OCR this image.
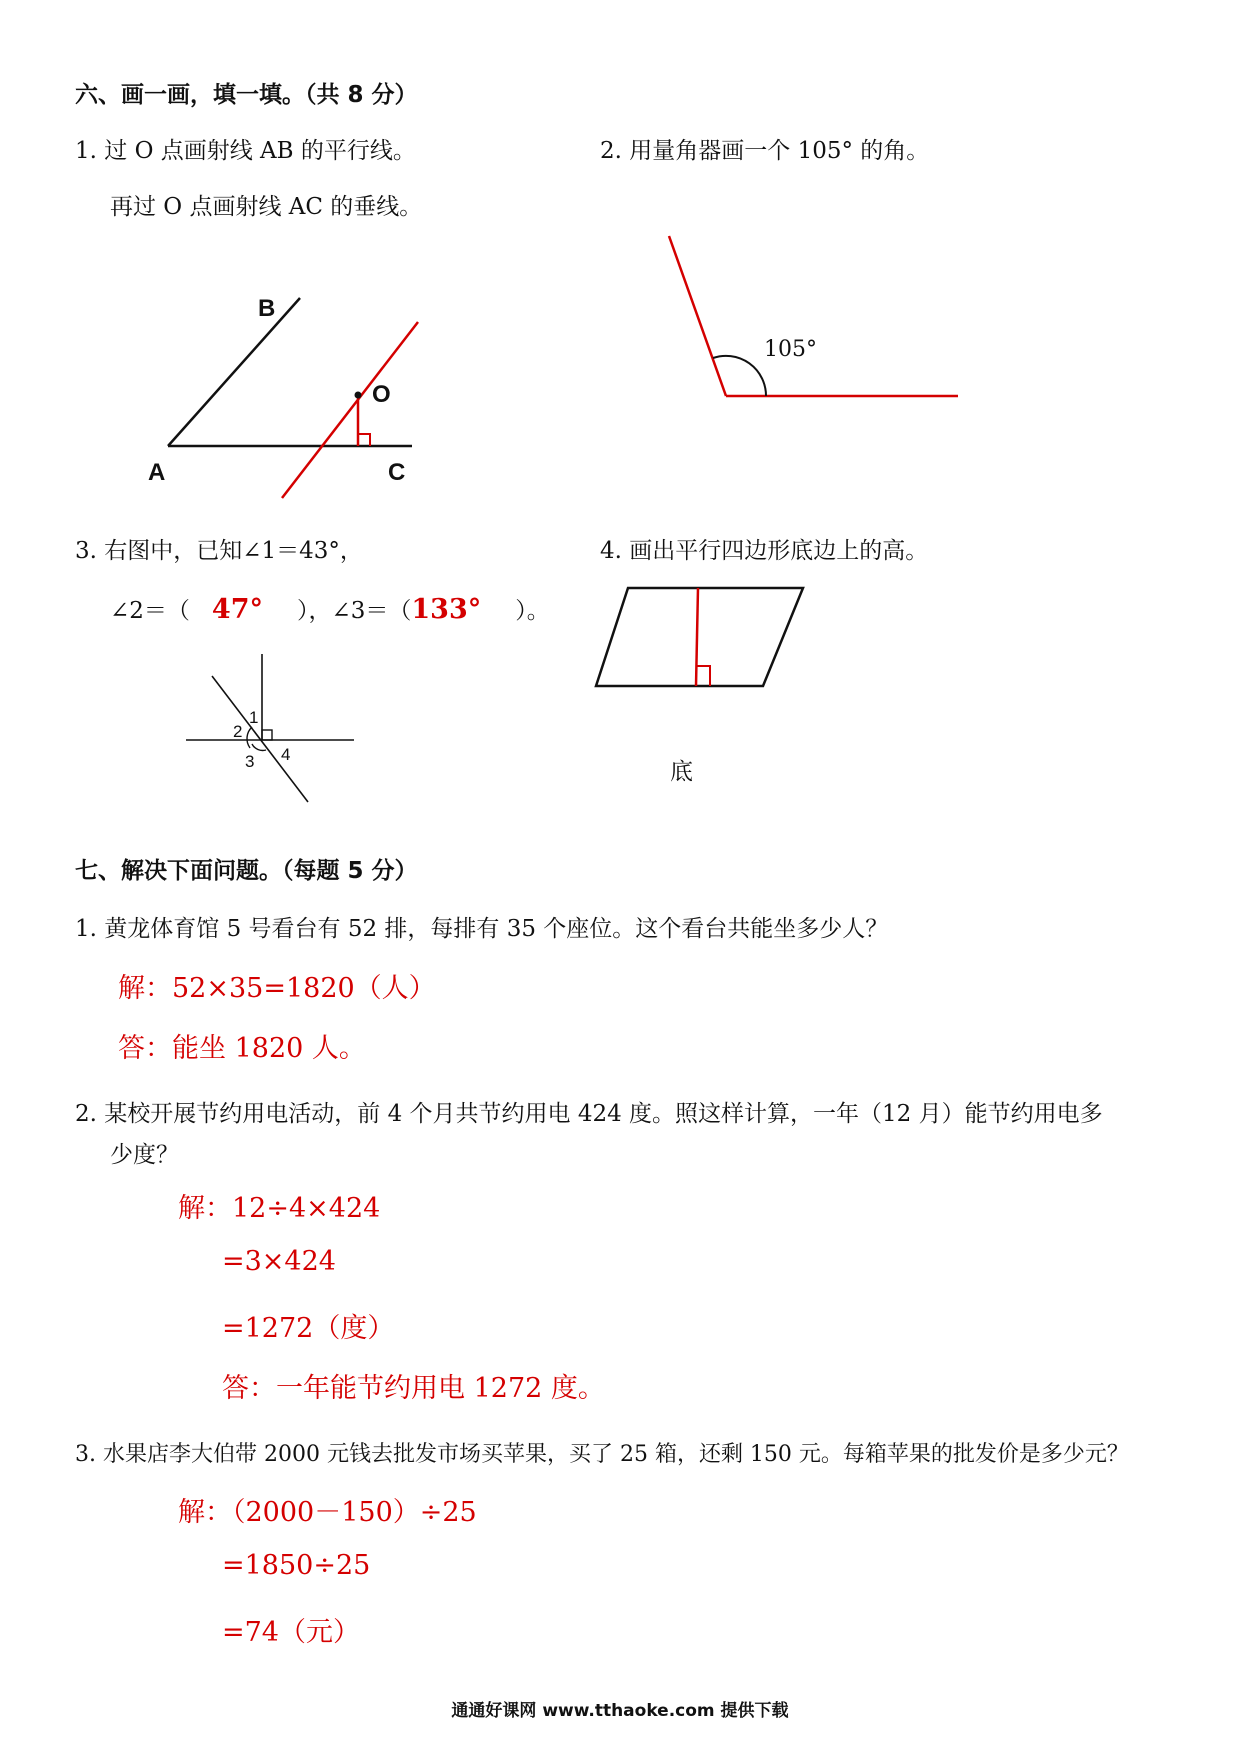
六、画一画，填一填。（共 8 分）
1. 过 O 点画射线 AB 的平行线。
再过 O 点画射线 AC 的垂线。
2. 用量角器画一个 105° 的角。
B
O
A	C
105°
1
2
3 4
3. 右图中，已知∠1＝43°，
∠2＝（ 47° ），∠3＝（133° ）。
4. 画出平行四边形底边上的高。
底
七、解决下面问题。（每题 5 分）
1. 黄龙体育馆 5 号看台有 52 排，每排有 35 个座位。这个看台共能坐多少人？
解：52×35=1820（人）
答：能坐 1820 人。
2. 某校开展节约用电活动，前 4 个月共节约用电 424 度。照这样计算，一年（12 月）能节约用电多
少度？
解：12÷4×424
=3×424
=1272（度）
答：一年能节约用电 1272 度。
3. 水果店李大伯带 2000 元钱去批发市场买苹果，买了 25 箱，还剩 150 元。每箱苹果的批发价是多少元？
解：（2000－150）÷25
=1850÷25
=74（元）
通通好课网 www.tthaoke.com 提供下载
